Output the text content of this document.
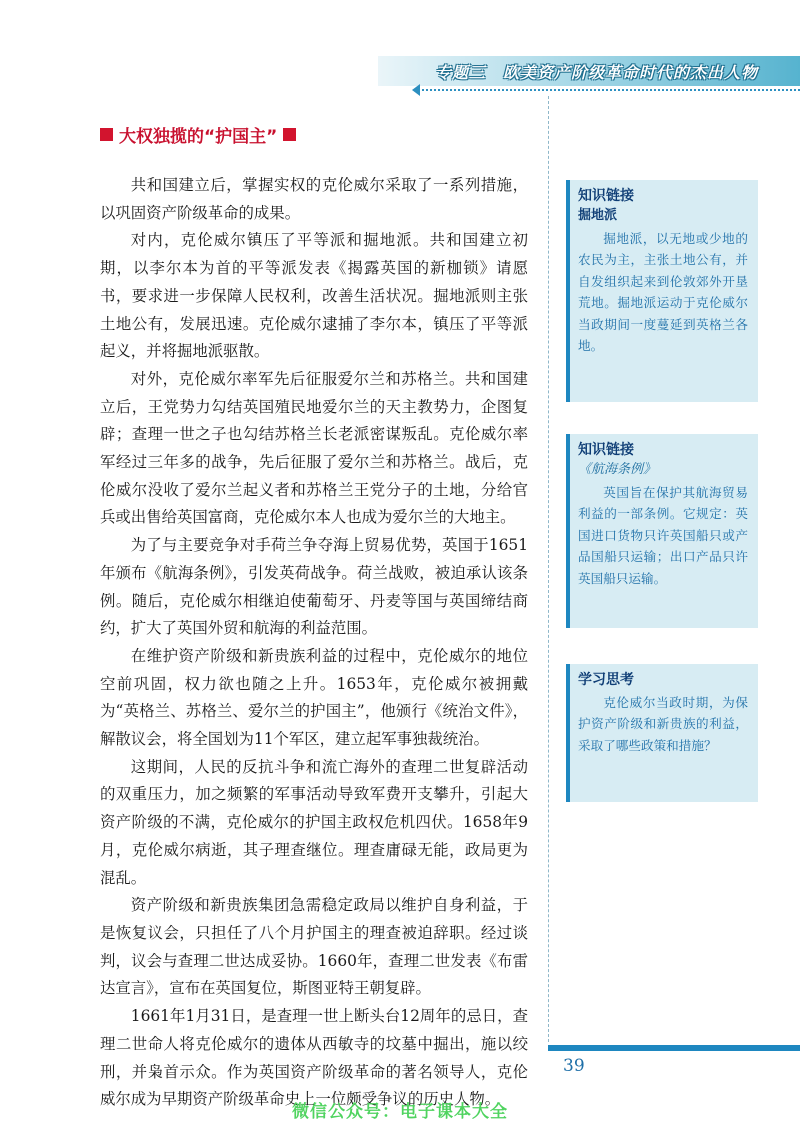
专题三　欧美资产阶级革命时代的杰出人物
大权独揽的“护国主”

共和国建立后，掌握实权的克伦威尔采取了一系列措施，以巩固资产阶级革命的成果。

对内，克伦威尔镇压了平等派和掘地派。共和国建立初期，以李尔本为首的平等派发表《揭露英国的新枷锁》请愿书，要求进一步保障人民权利，改善生活状况。掘地派则主张土地公有，发展迅速。克伦威尔逮捕了李尔本，镇压了平等派起义，并将掘地派驱散。

对外，克伦威尔率军先后征服爱尔兰和苏格兰。共和国建立后，王党势力勾结英国殖民地爱尔兰的天主教势力，企图复辟；查理一世之子也勾结苏格兰长老派密谋叛乱。克伦威尔率军经过三年多的战争，先后征服了爱尔兰和苏格兰。战后，克伦威尔没收了爱尔兰起义者和苏格兰王党分子的土地，分给官兵或出售给英国富商，克伦威尔本人也成为爱尔兰的大地主。

为了与主要竞争对手荷兰争夺海上贸易优势，英国于1651年颁布《航海条例》，引发英荷战争。荷兰战败，被迫承认该条例。随后，克伦威尔相继迫使葡萄牙、丹麦等国与英国缔结商约，扩大了英国外贸和航海的利益范围。

在维护资产阶级和新贵族利益的过程中，克伦威尔的地位空前巩固，权力欲也随之上升。1653年，克伦威尔被拥戴为“英格兰、苏格兰、爱尔兰的护国主”，他颁行《统治文件》，解散议会，将全国划为11个军区，建立起军事独裁统治。

这期间，人民的反抗斗争和流亡海外的查理二世复辟活动的双重压力，加之频繁的军事活动导致军费开支攀升，引起大资产阶级的不满，克伦威尔的护国主政权危机四伏。1658年9月，克伦威尔病逝，其子理查继位。理查庸碌无能，政局更为混乱。

资产阶级和新贵族集团急需稳定政局以维护自身利益，于是恢复议会，只担任了八个月护国主的理查被迫辞职。经过谈判，议会与查理二世达成妥协。1660年，查理二世发表《布雷达宣言》，宣布在英国复位，斯图亚特王朝复辟。

1661年1月31日，是查理一世上断头台12周年的忌日，查理二世命人将克伦威尔的遗体从西敏寺的坟墓中掘出，施以绞刑，并枭首示众。作为英国资产阶级革命的著名领导人，克伦威尔成为早期资产阶级革命史上一位颇受争议的历史人物。

知识链接
掘地派
掘地派，以无地或少地的农民为主，主张土地公有，并自发组织起来到伦敦郊外开垦荒地。掘地派运动于克伦威尔当政期间一度蔓延到英格兰各地。
知识链接
《航海条例》
英国旨在保护其航海贸易利益的一部条例。它规定：英国进口货物只许英国船只或产品国船只运输；出口产品只许英国船只运输。
学习思考
克伦威尔当政时期，为保护资产阶级和新贵族的利益，采取了哪些政策和措施？
39
微信公众号：电子课本大全
